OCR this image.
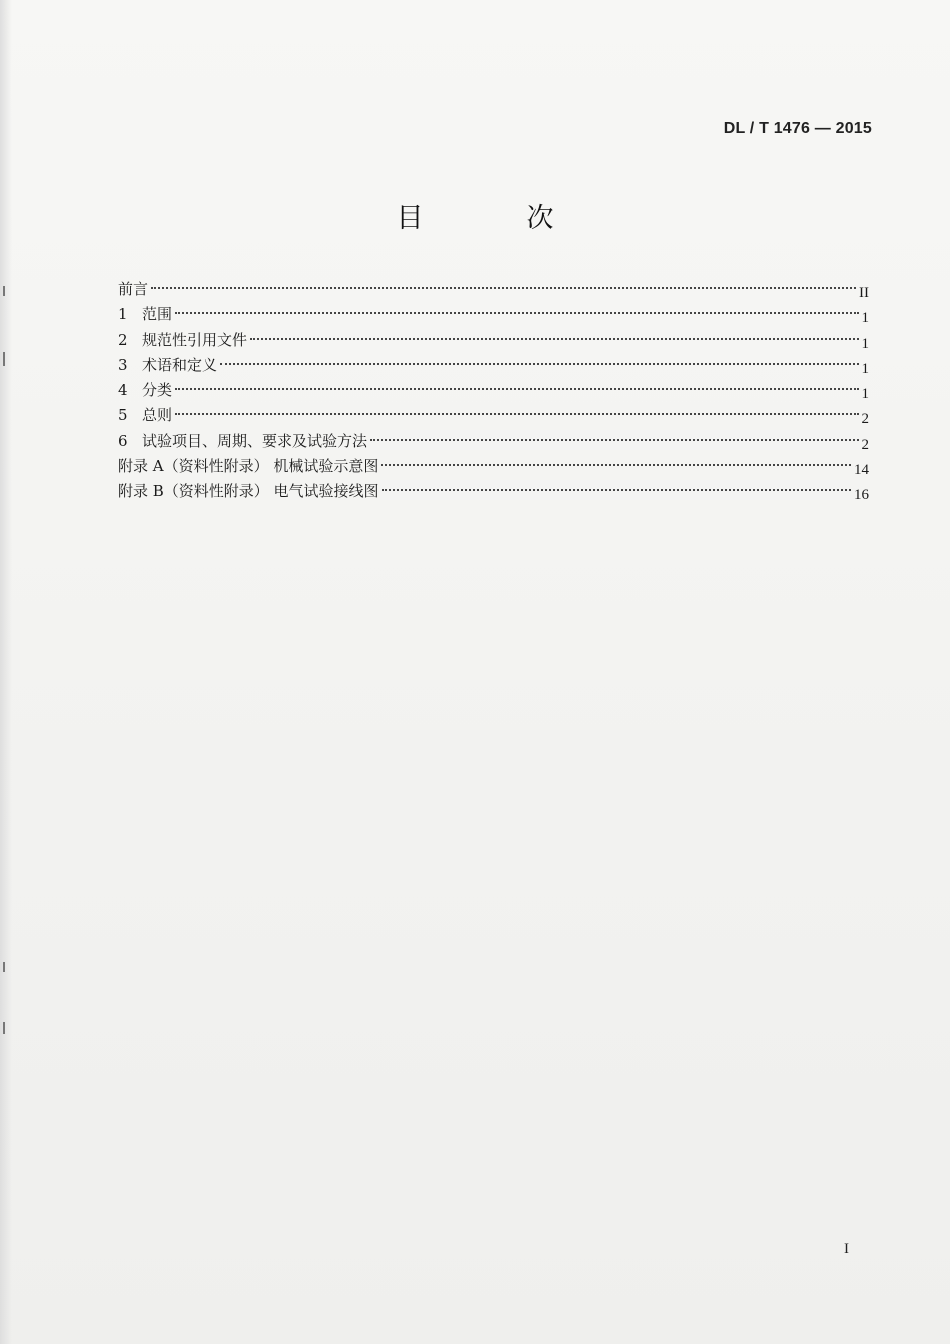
DL / T 1476 — 2015
目　次
前言	II
1 范围	1
2 规范性引用文件	1
3 术语和定义	1
4 分类	1
5 总则	2
6 试验项目、周期、要求及试验方法	2
附录 A（资料性附录） 机械试验示意图	14
附录 B（资料性附录） 电气试验接线图	16
I
